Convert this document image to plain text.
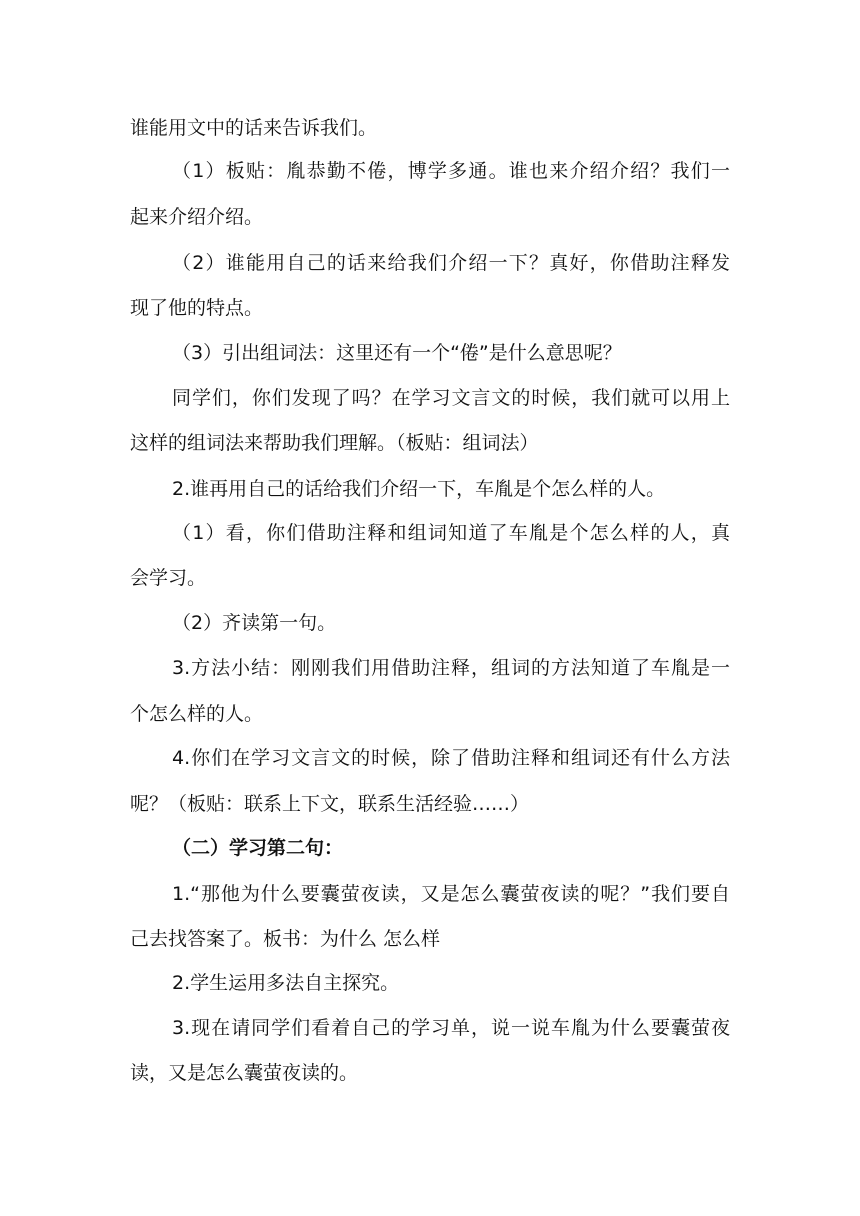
谁能用文中的话来告诉我们。
（1）板贴：胤恭勤不倦，博学多通。谁也来介绍介绍？我们一
起来介绍介绍。
（2）谁能用自己的话来给我们介绍一下？真好，你借助注释发
现了他的特点。
（3）引出组词法：这里还有一个“倦”是什么意思呢？
同学们，你们发现了吗？在学习文言文的时候，我们就可以用上
这样的组词法来帮助我们理解。（板贴：组词法）
2.谁再用自己的话给我们介绍一下，车胤是个怎么样的人。
（1）看，你们借助注释和组词知道了车胤是个怎么样的人，真
会学习。
（2）齐读第一句。
3.方法小结：刚刚我们用借助注释，组词的方法知道了车胤是一
个怎么样的人。
4.你们在学习文言文的时候，除了借助注释和组词还有什么方法
呢？（板贴：联系上下文，联系生活经验……）
（二）学习第二句：
1.“那他为什么要囊萤夜读，又是怎么囊萤夜读的呢？”我们要自
己去找答案了。板书：为什么 怎么样
2.学生运用多法自主探究。
3.现在请同学们看着自己的学习单，说一说车胤为什么要囊萤夜
读，又是怎么囊萤夜读的。
